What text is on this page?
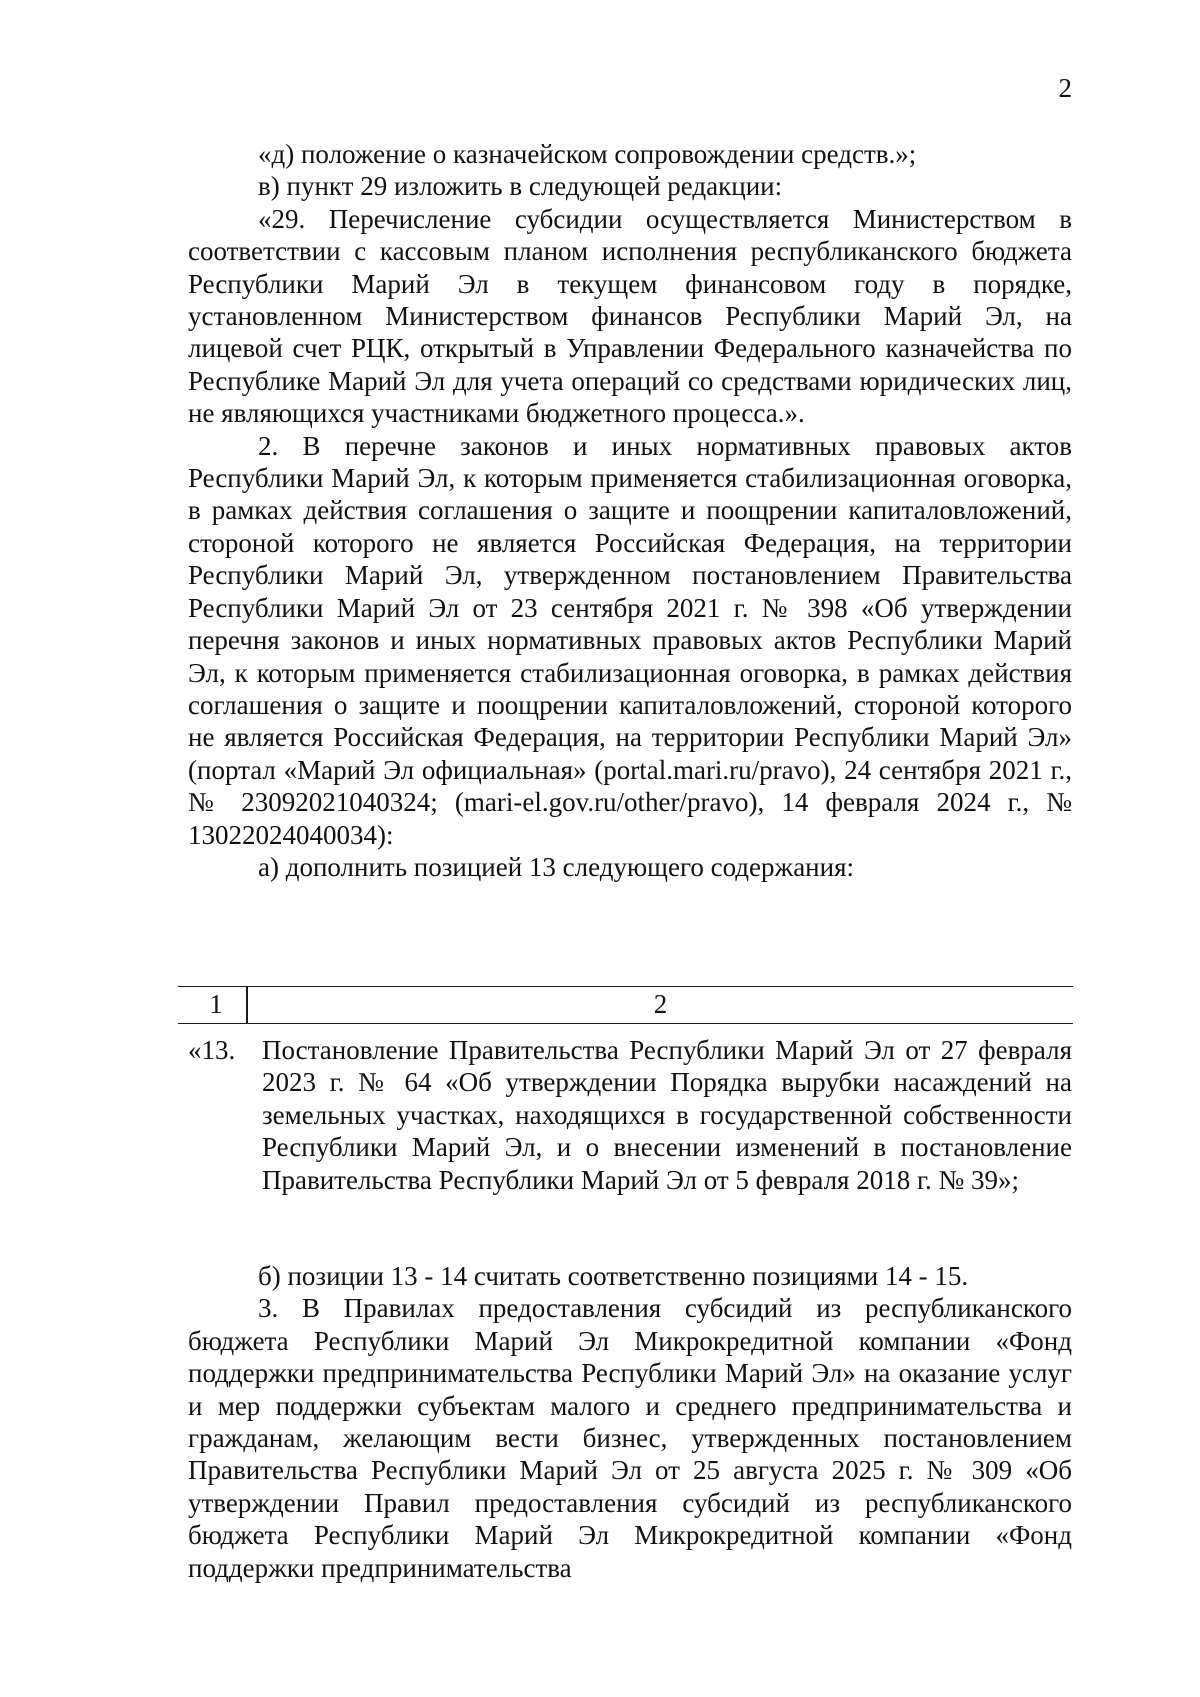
2

«д) положение о казначейском сопровождении средств.»;

в) пункт 29 изложить в следующей редакции:

«29. Перечисление субсидии осуществляется Министерством в соответствии с кассовым планом исполнения республиканского бюджета Республики Марий Эл в текущем финансовом году в порядке, установленном Министерством финансов Республики Марий Эл, на лицевой счет РЦК, открытый в Управлении Федерального казначейства по Республике Марий Эл для учета операций со средствами юридических лиц, не являющихся участниками бюджетного процесса.».

2. В перечне законов и иных нормативных правовых актов Республики Марий Эл, к которым применяется стабилизационная оговорка, в рамках действия соглашения о защите и поощрении капиталовложений, стороной которого не является Российская Федерация, на территории Республики Марий Эл, утвержденном постановлением Правительства Республики Марий Эл от 23 сентября 2021 г. № 398 «Об утверждении перечня законов и иных нормативных правовых актов Республики Марий Эл, к которым применяется стабилизационная оговорка, в рамках действия соглашения о защите и поощрении капиталовложений, стороной которого не является Российская Федерация, на территории Республики Марий Эл» (портал «Марий Эл официальная» (portal.mari.ru/pravo), 24 сентября 2021 г., № 23092021040324; (mari-el.gov.ru/other/pravo), 14 февраля 2024 г., № 13022024040034):

а) дополнить позицией 13 следующего содержания:

1	2
«13. Постановление Правительства Республики Марий Эл от 27 февраля 2023 г. № 64 «Об утверждении Порядка вырубки насаждений на земельных участках, находящихся в государственной собственности Республики Марий Эл, и о внесении изменений в постановление Правительства Республики Марий Эл от 5 февраля 2018 г. № 39»;

б) позиции 13 - 14 считать соответственно позициями 14 - 15.

3. В Правилах предоставления субсидий из республиканского бюджета Республики Марий Эл Микрокредитной компании «Фонд поддержки предпринимательства Республики Марий Эл» на оказание услуг и мер поддержки субъектам малого и среднего предпринимательства и гражданам, желающим вести бизнес, утвержденных постановлением Правительства Республики Марий Эл от 25 августа 2025 г. № 309 «Об утверждении Правил предоставления субсидий из республиканского бюджета Республики Марий Эл Микрокредитной компании «Фонд поддержки предпринимательства
